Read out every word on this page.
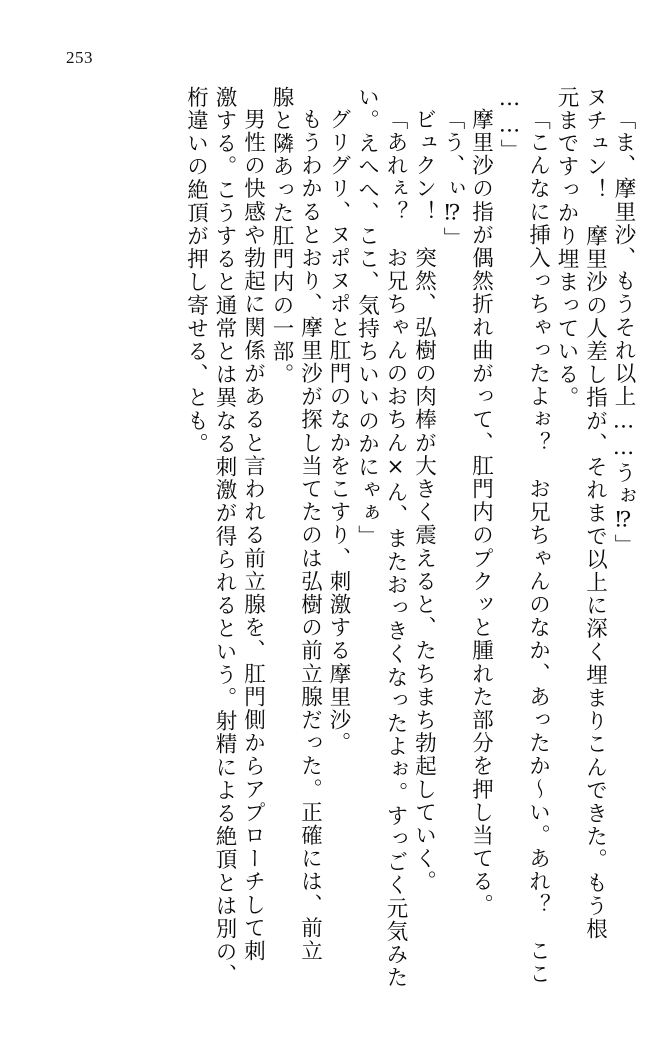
253
「ま、摩里沙、もうそれ以上……うぉ⁉」
ヌチュン！　摩里沙の人差し指が、それまで以上に深く埋まりこんできた。もう根
元まですっかり埋まっている。
「こんなに挿入っちゃったよぉ？　お兄ちゃんのなか、あったか～い。あれ？　ここ
……」
摩里沙の指が偶然折れ曲がって、肛門内のプクッと腫れた部分を押し当てる。
「う、ぃ⁉」
ビュクン！　突然、弘樹の肉棒が大きく震えると、たちまち勃起していく。
「あれぇ？　お兄ちゃんのおちん×ん、またおっきくなったよぉ。すっごく元気みた
い。えへへ、ここ、気持ちいいのかにゃぁ」
グリグリ、ヌポヌポと肛門のなかをこすり、刺激する摩里沙。
もうわかるとおり、摩里沙が探し当てたのは弘樹の前立腺だった。正確には、前立
腺と隣あった肛門内の一部。
男性の快感や勃起に関係があると言われる前立腺を、肛門側からアプローチして刺
激する。こうすると通常とは異なる刺激が得られるという。射精による絶頂とは別の、
桁違いの絶頂が押し寄せる、とも。
